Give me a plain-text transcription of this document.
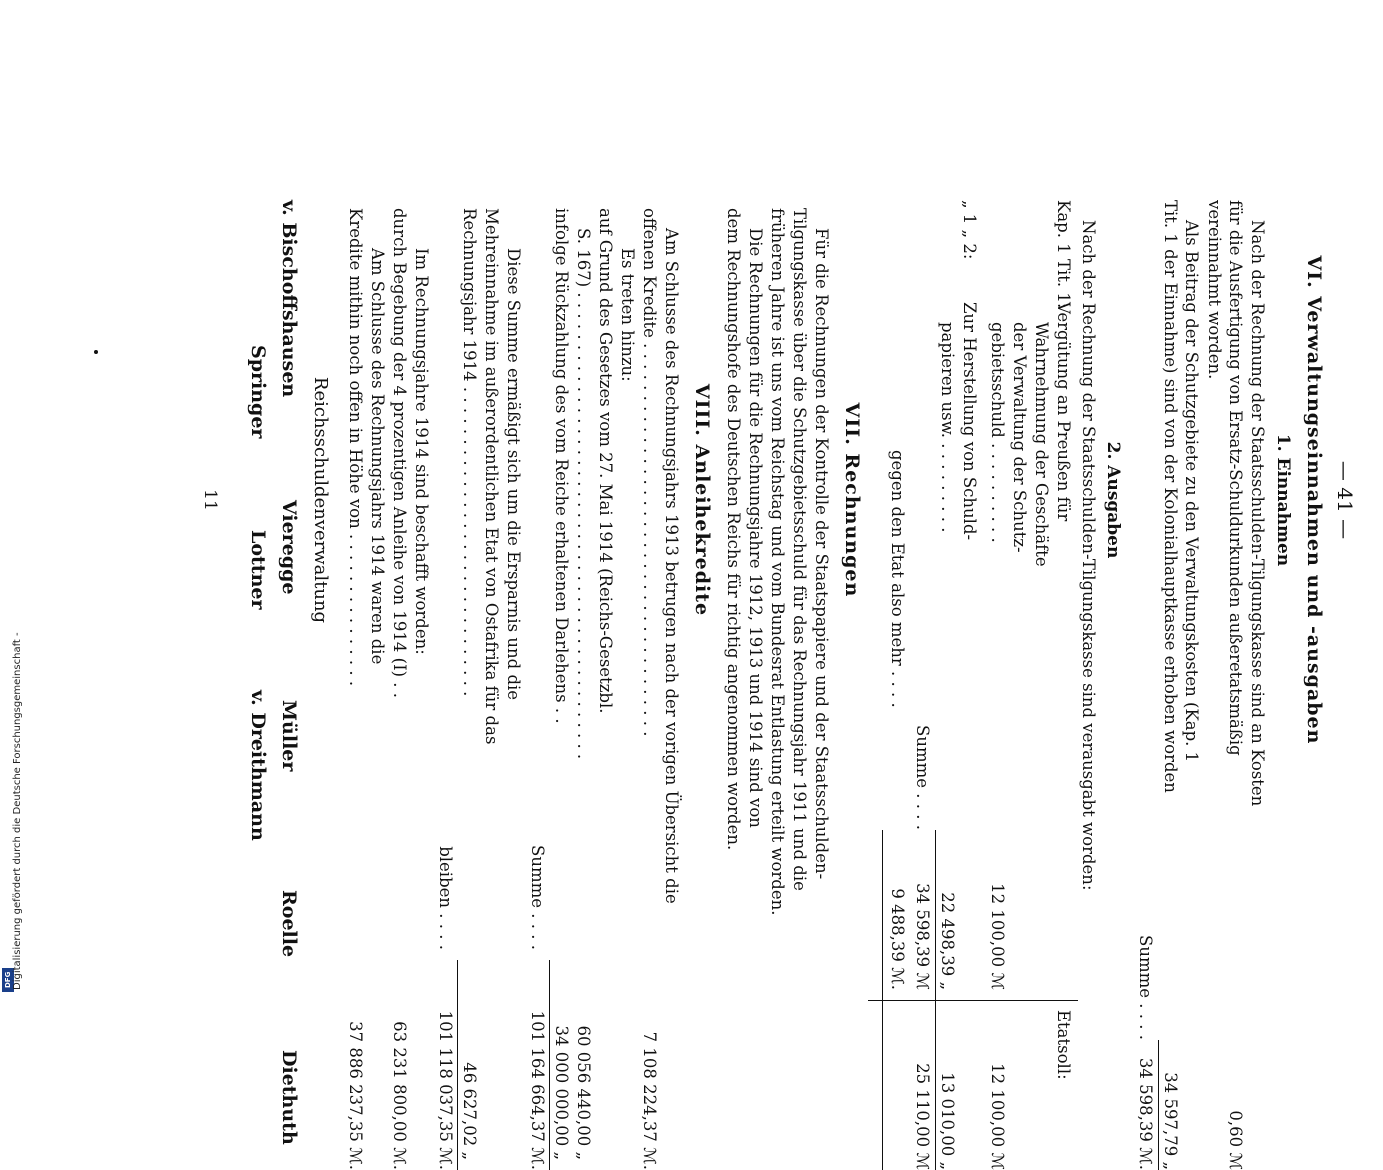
DFG Digitalisierung gefördert durch die Deutsche Forschungsgemeinschaft -
— 41 —
VI. Verwaltungseinnahmen und -ausgaben
1. Einnahmen
Nach der Rechnung der Staatsschulden-Tilgungskasse sind an Kosten
für die Ausfertigung von Ersatz-Schuldurkunden außeretatsmäßig
vereinnahmt worden.
0,60 ℳ
Als Beitrag der Schutzgebiete zu den Verwaltungskosten (Kap. 1
Tit. 1 der Einnahme) sind von der Kolonialhauptkasse erhoben worden
34 597,79 „
Summe . . . .
34 598,39 ℳ.
2. Ausgaben
Nach der Rechnung der Staatsschulden-Tilgungskasse sind verausgabt worden:
Etatsoll:
Kap. 1 Tit. 1:
Vergütung an Preußen für
Wahrnehmung der Geschäfte
der Verwaltung der Schutz-
gebietsschuld . . . . . . . . . .
12 100,00 ℳ
12 100,00 ℳ
„ 1 „ 2:
Zur Herstellung von Schuld-
papieren usw. . . . . . . . . .
22 498,39 „
13 010,00 „
Summe . . . .
34 598,39 ℳ
25 110,00 ℳ
gegen den Etat also mehr . . . .
9 488,39 ℳ.
VII. Rechnungen
Für die Rechnungen der Kontrolle der Staatspapiere und der Staatsschulden-
Tilgungskasse über die Schutzgebietsschuld für das Rechnungsjahr 1911 und die
früheren Jahre ist uns vom Reichstag und vom Bundesrat Entlastung erteilt worden.
Die Rechnungen für die Rechnungsjahre 1912, 1913 und 1914 sind von
dem Rechnungshofe des Deutschen Reichs für richtig angenommen worden.
VIII. Anleihekredite
Am Schlusse des Rechnungsjahrs 1913 betrugen nach der vorigen Übersicht die
offenen Kredite . . . . . . . . . . . . . . . . . . . . . . . . . . . . . . . . . . . . . .
7 108 224,37 ℳ.
Es treten hinzu:
auf Grund des Gesetzes vom 27. Mai 1914 (Reichs-Gesetzbl.
S. 167) . . . . . . . . . . . . . . . . . . . . . . . . . . . . . . . . . . . . . . . . . . . . .
60 056 440,00 „
infolge Rückzahlung des vom Reiche erhaltenen Darlehens . .
34 000 000,00 „
Summe . . . .
101 164 664,37 ℳ.
Diese Summe ermäßigt sich um die Ersparnis und die
Mehreinnahme im außerordentlichen Etat von Ostafrika für das
Rechnungsjahr 1914 . . . . . . . . . . . . . . . . . . . . . . . . . . . . . .
46 627,02 „
bleiben . . . .
101 118 037,35 ℳ.
Im Rechnungsjahre 1914 sind beschafft worden:
durch Begebung der 4 prozentigen Anleihe von 1914 (I) . .
63 231 800,00 ℳ.
Am Schlusse des Rechnungsjahrs 1914 waren die
Kredite mithin noch offen in Höhe von . . . . . . . . . . . . . . .
37 886 237,35 ℳ.
Reichsschuldenverwaltung
v. Bischoffshausen
Vieregge
Müller
Roelle
Diethuth
Springer
Lottner
v. Dreithmann
11
